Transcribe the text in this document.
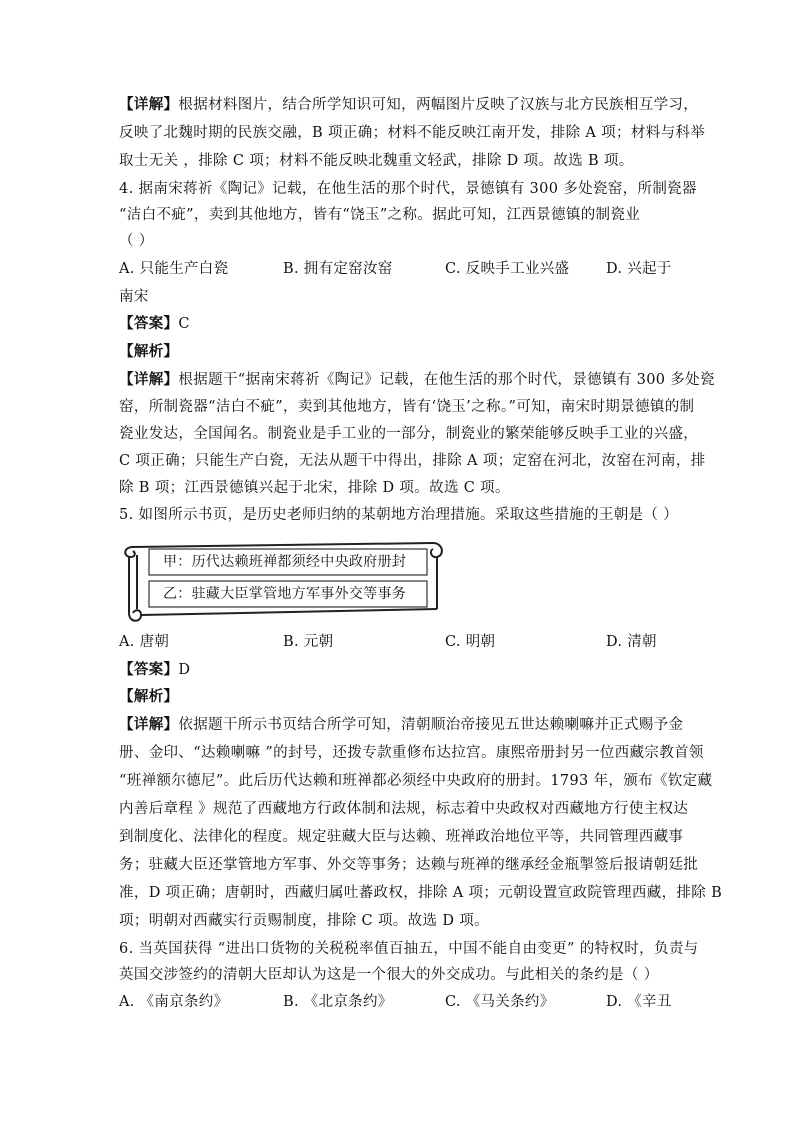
【详解】根据材料图片，结合所学知识可知，两幅图片反映了汉族与北方民族相互学习，
反映了北魏时期的民族交融，B 项正确；材料不能反映江南开发，排除 A 项；材料与科举
取士无关 ，排除 C 项；材料不能反映北魏重文轻武，排除 D 项。故选 B 项。
4. 据南宋蒋祈《陶记》记载，在他生活的那个时代，景德镇有 300 多处瓷窑，所制瓷器
“洁白不疵”，卖到其他地方，皆有“饶玉”之称。据此可知，江西景德镇的制瓷业
（ ）
A. 只能生产白瓷	B. 拥有定窑汝窑	C. 反映手工业兴盛	D. 兴起于
南宋
【答案】C
【解析】
【详解】根据题干“据南宋蒋祈《陶记》记载，在他生活的那个时代，景德镇有 300 多处瓷
窑，所制瓷器“洁白不疵”，卖到其他地方，皆有‘饶玉’之称。”可知，南宋时期景德镇的制
瓷业发达，全国闻名。制瓷业是手工业的一部分，制瓷业的繁荣能够反映手工业的兴盛，
C 项正确；只能生产白瓷，无法从题干中得出，排除 A 项；定窑在河北，汝窑在河南，排
除 B 项；江西景德镇兴起于北宋，排除 D 项。故选 C 项。
5. 如图所示书页，是历史老师归纳的某朝地方治理措施。采取这些措施的王朝是（ ）
甲：历代达赖班禅都须经中央政府册封
乙：驻藏大臣掌管地方军事外交等事务
A. 唐朝	B. 元朝	C. 明朝	D. 清朝
【答案】D
【解析】
【详解】依据题干所示书页结合所学可知，清朝顺治帝接见五世达赖喇嘛并正式赐予金
册、金印、“达赖喇嘛 ”的封号，还拨专款重修布达拉宫。康熙帝册封另一位西藏宗教首领
“班禅额尔德尼”。此后历代达赖和班禅都必须经中央政府的册封。1793 年，颁布《钦定藏
内善后章程 》规范了西藏地方行政体制和法规，标志着中央政权对西藏地方行使主权达
到制度化、法律化的程度。规定驻藏大臣与达赖、班禅政治地位平等，共同管理西藏事
务；驻藏大臣还掌管地方军事、外交等事务；达赖与班禅的继承经金瓶掣签后报请朝廷批
准，D 项正确；唐朝时，西藏归属吐蕃政权，排除 A 项；元朝设置宣政院管理西藏，排除 B
项；明朝对西藏实行贡赐制度，排除 C 项。故选 D 项。
6. 当英国获得 “进出口货物的关税税率值百抽五，中国不能自由变更” 的特权时，负责与
英国交涉签约的清朝大臣却认为这是一个很大的外交成功。与此相关的条约是（ ）
A. 《南京条约》	B. 《北京条约》	C. 《马关条约》	D. 《辛丑
